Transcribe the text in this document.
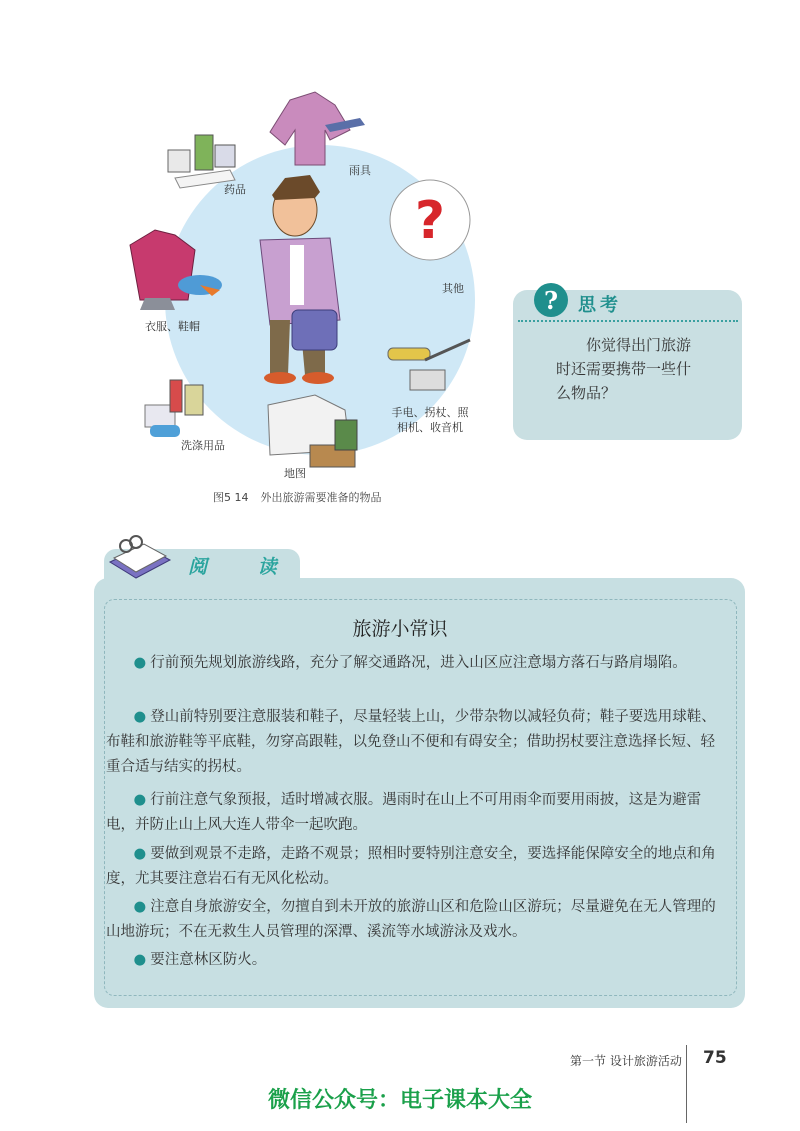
?
雨具
药品
其他
衣服、鞋帽
洗涤用品
地图
手电、拐杖、照相机、收音机
图5 14 外出旅游需要准备的物品
?	思考
你觉得出门旅游
时还需要携带一些什
么物品？
阅 读
旅游小常识
● 行前预先规划旅游线路，充分了解交通路况，进入山区应注意塌方落石与路肩塌陷。
● 登山前特别要注意服装和鞋子，尽量轻装上山，少带杂物以减轻负荷；鞋子要选用球鞋、布鞋和旅游鞋等平底鞋，勿穿高跟鞋，以免登山不便和有碍安全；借助拐杖要注意选择长短、轻重合适与结实的拐杖。
● 行前注意气象预报，适时增减衣服。遇雨时在山上不可用雨伞而要用雨披，这是为避雷电，并防止山上风大连人带伞一起吹跑。
● 要做到观景不走路，走路不观景；照相时要特别注意安全，要选择能保障安全的地点和角度，尤其要注意岩石有无风化松动。
● 注意自身旅游安全，勿擅自到未开放的旅游山区和危险山区游玩；尽量避免在无人管理的山地游玩；不在无救生人员管理的深潭、溪流等水域游泳及戏水。
● 要注意林区防火。
第一节 设计旅游活动 75
微信公众号：电子课本大全
